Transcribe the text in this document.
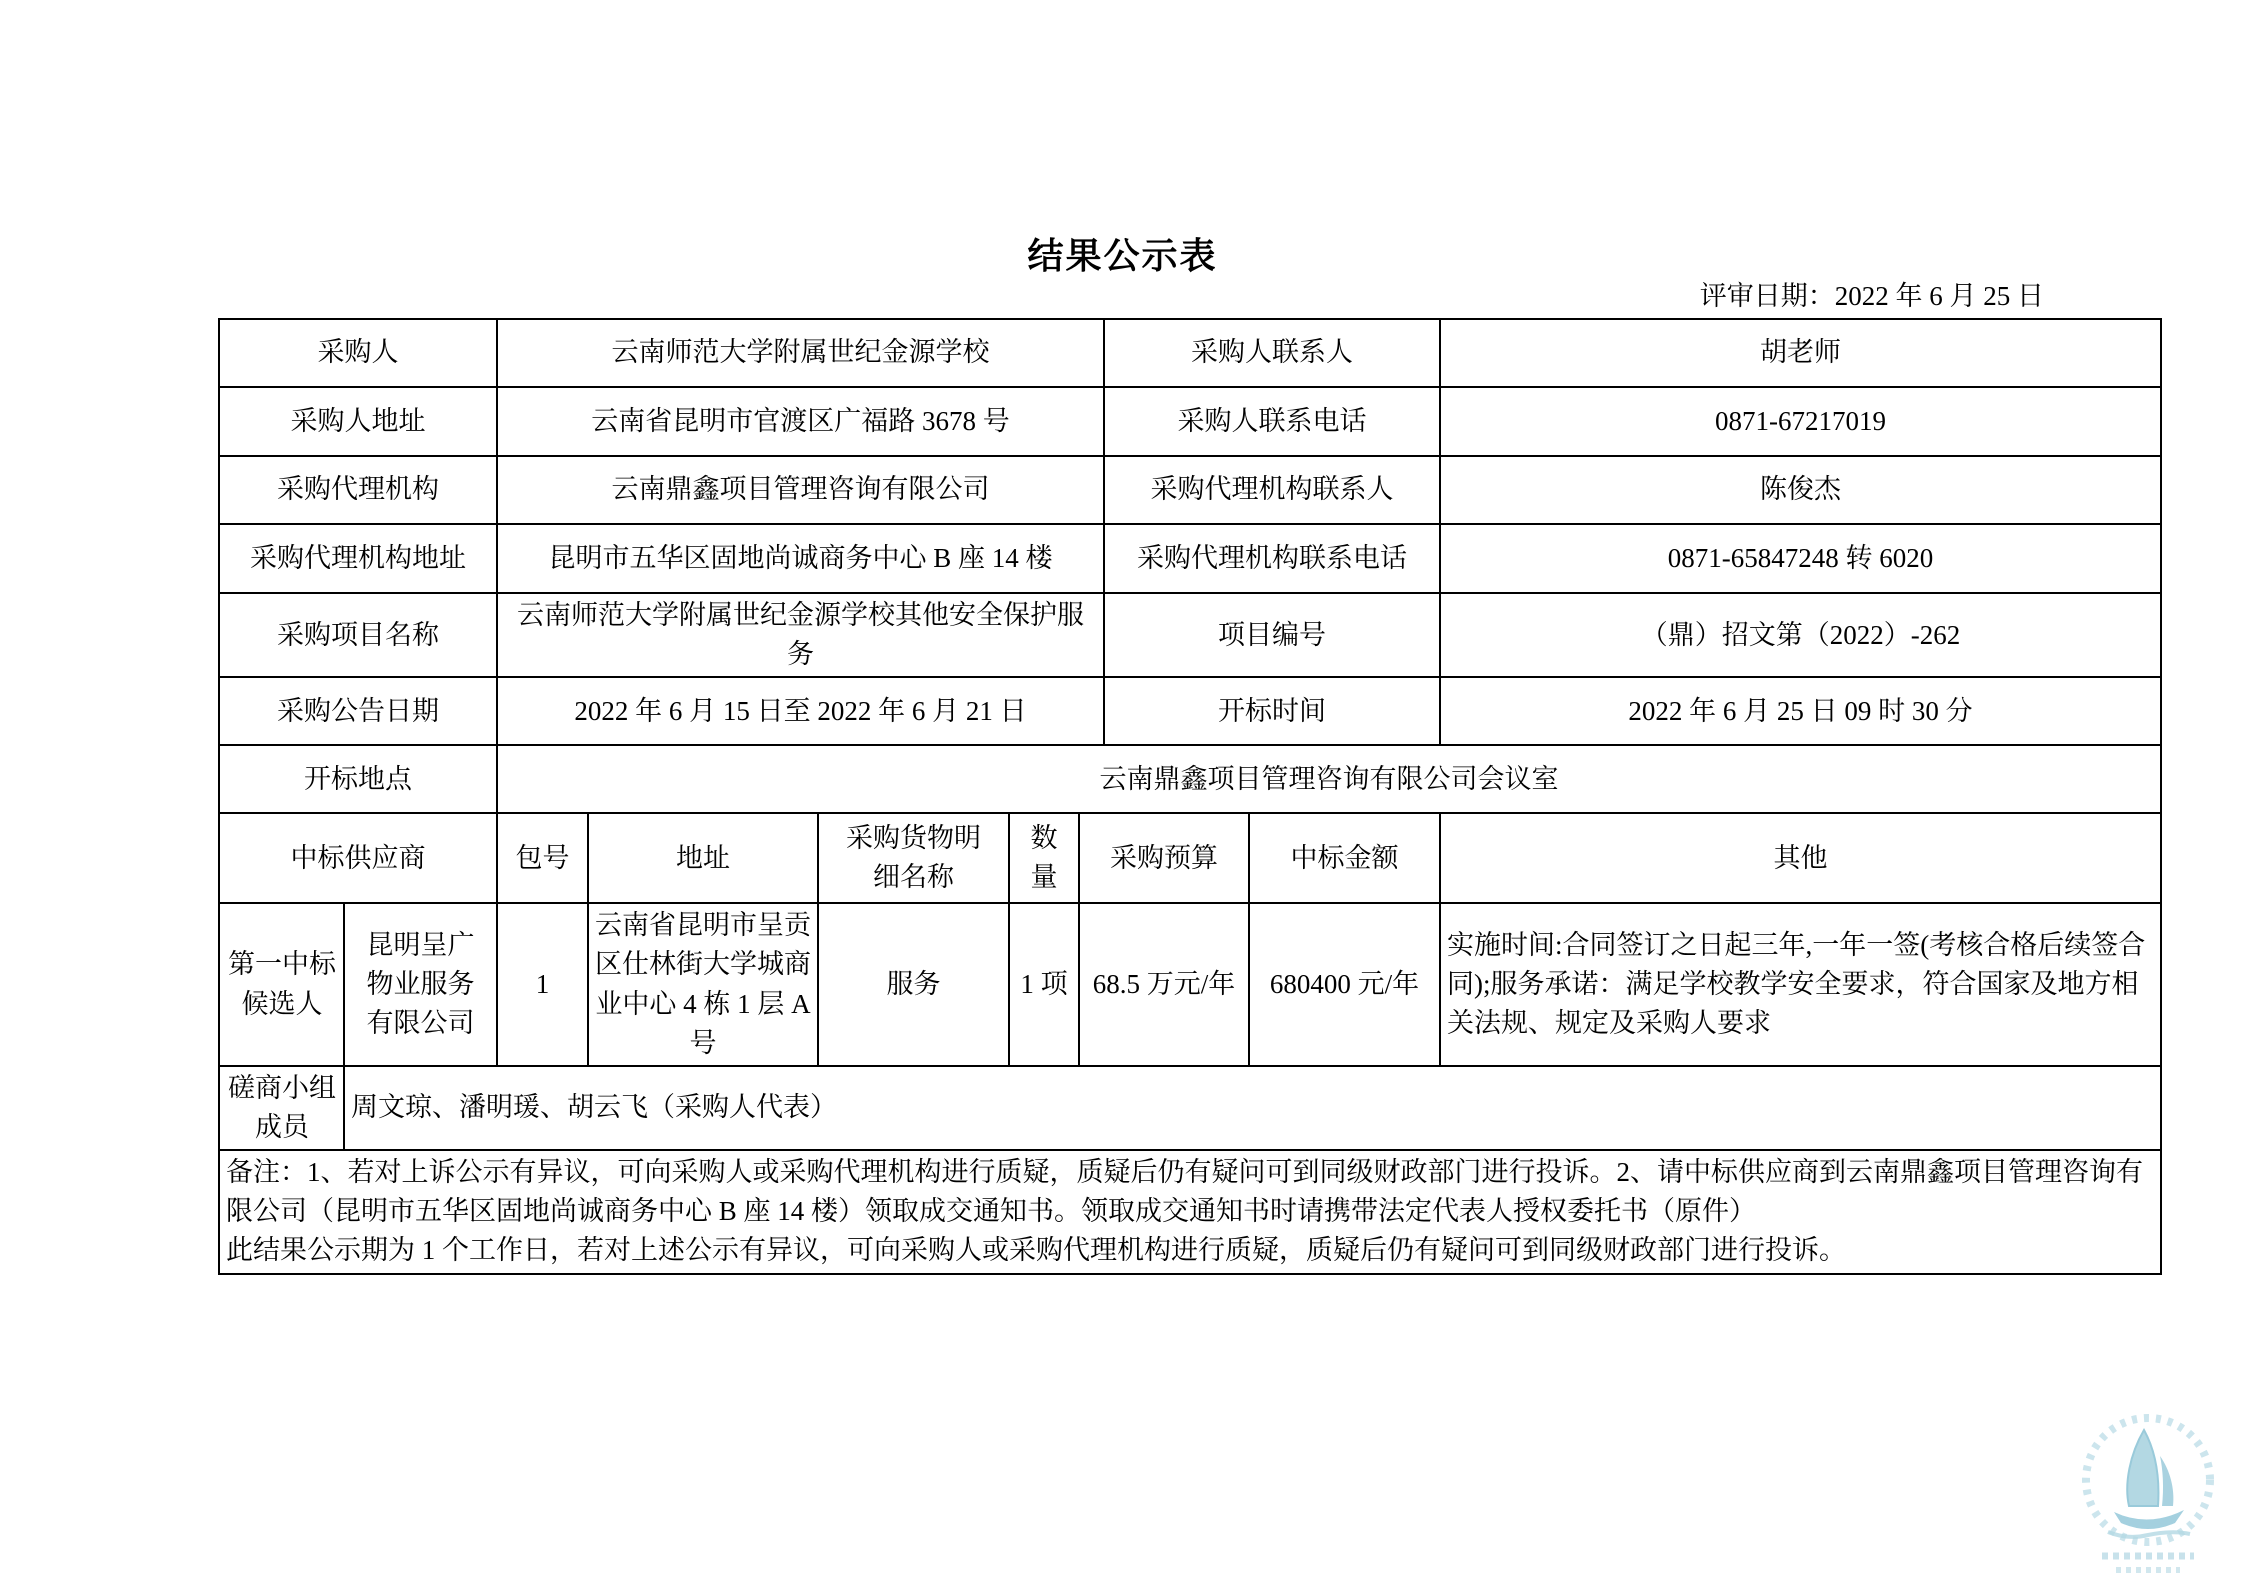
结果公示表
评审日期：2022 年 6 月 25 日
采购人		云南师范大学附属世纪金源学校					采购人联系人		胡老师
采购人地址		云南省昆明市官渡区广福路 3678 号					采购人联系电话		0871-67217019
采购代理机构		云南鼎鑫项目管理咨询有限公司					采购代理机构联系人		陈俊杰
采购代理机构地址		昆明市五华区固地尚诚商务中心 B 座 14 楼					采购代理机构联系电话		0871-65847248 转 6020
采购项目名称		云南师范大学附属世纪金源学校其他安全保护服务					项目编号		（鼎）招文第（2022）-262
采购公告日期		2022 年 6 月 15 日至 2022 年 6 月 21 日					开标时间		2022 年 6 月 25 日 09 时 30 分
开标地点		云南鼎鑫项目管理咨询有限公司会议室							
中标供应商		包号	地址	采购货物明细名称	数量	采购预算		中标金额	其他

第一中标候选人	昆明呈广物业服务有限公司	1	云南省昆明市呈贡区仕林街大学城商业中心 4 栋 1 层 A 号	服务	1 项	68.5 万元/年		680400 元/年	实施时间:合同签订之日起三年,一年一签(考核合格后续签合同);服务承诺：满足学校教学安全要求，符合国家及地方相关法规、规定及采购人要求

磋商小组成员	周文琼、潘明瑗、胡云飞（采购人代表）								

备注：1、若对上诉公示有异议，可向采购人或采购代理机构进行质疑，质疑后仍有疑问可到同级财政部门进行投诉。2、请中标供应商到云南鼎鑫项目管理咨询有限公司（昆明市五华区固地尚诚商务中心 B 座 14 楼）领取成交通知书。领取成交通知书时请携带法定代表人授权委托书（原件）
此结果公示期为 1 个工作日，若对上述公示有异议，可向采购人或采购代理机构进行质疑，质疑后仍有疑问可到同级财政部门进行投诉。									
